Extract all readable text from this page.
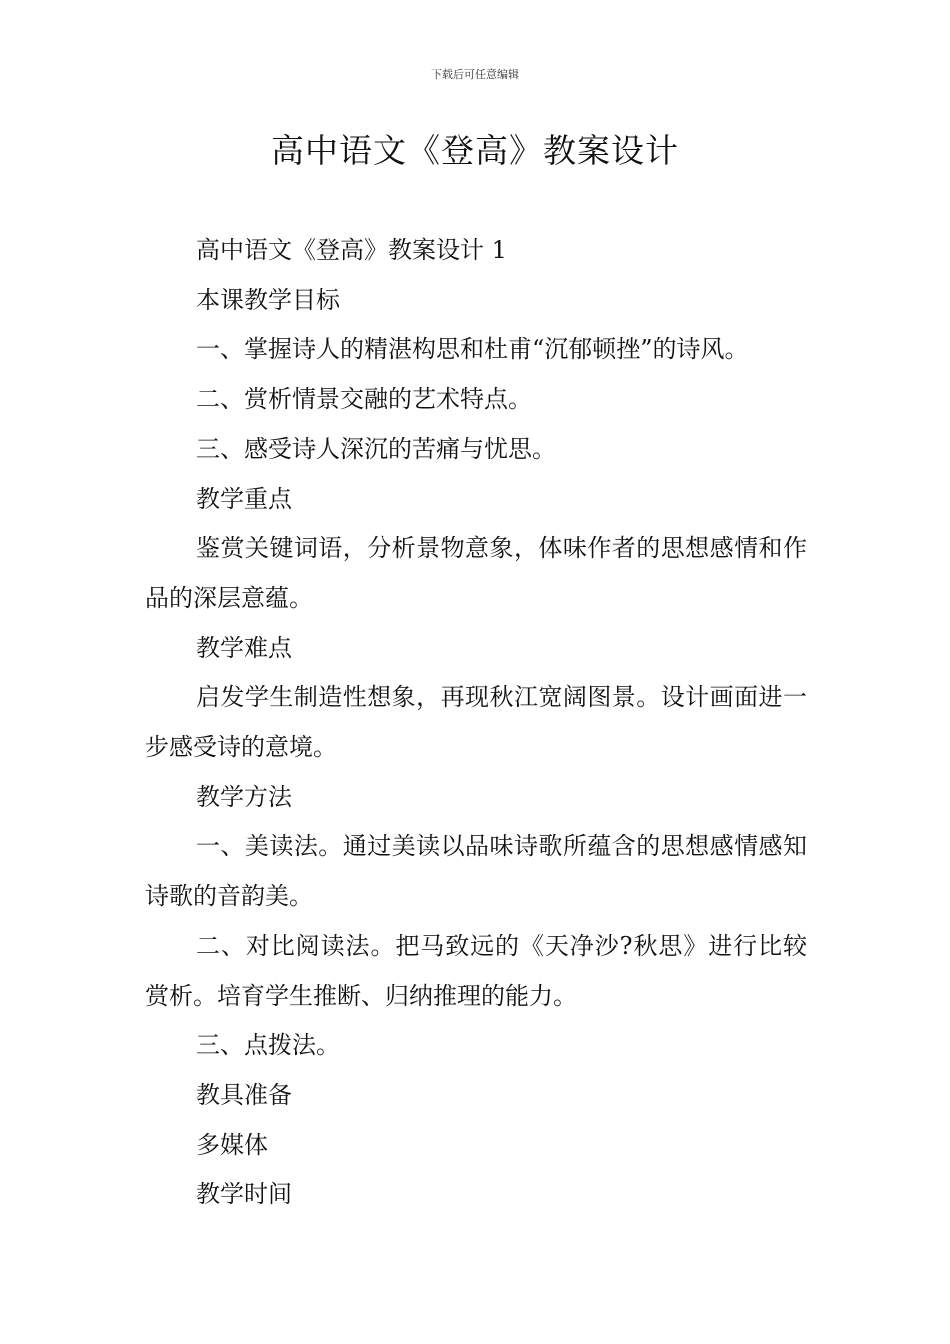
下载后可任意编辑
高中语文《登高》教案设计

高中语文《登高》教案设计 1

本课教学目标

一、掌握诗人的精湛构思和杜甫“沉郁顿挫”的诗风。

二、赏析情景交融的艺术特点。

三、感受诗人深沉的苦痛与忧思。

教学重点

鉴赏关键词语，分析景物意象，体味作者的思想感情和作品的深层意蕴。

教学难点

启发学生制造性想象，再现秋江宽阔图景。设计画面进一步感受诗的意境。

教学方法

一、美读法。通过美读以品味诗歌所蕴含的思想感情感知诗歌的音韵美。

二、对比阅读法。把马致远的《天净沙?秋思》进行比较赏析。培育学生推断、归纳推理的能力。

三、点拨法。

教具准备

多媒体

教学时间
